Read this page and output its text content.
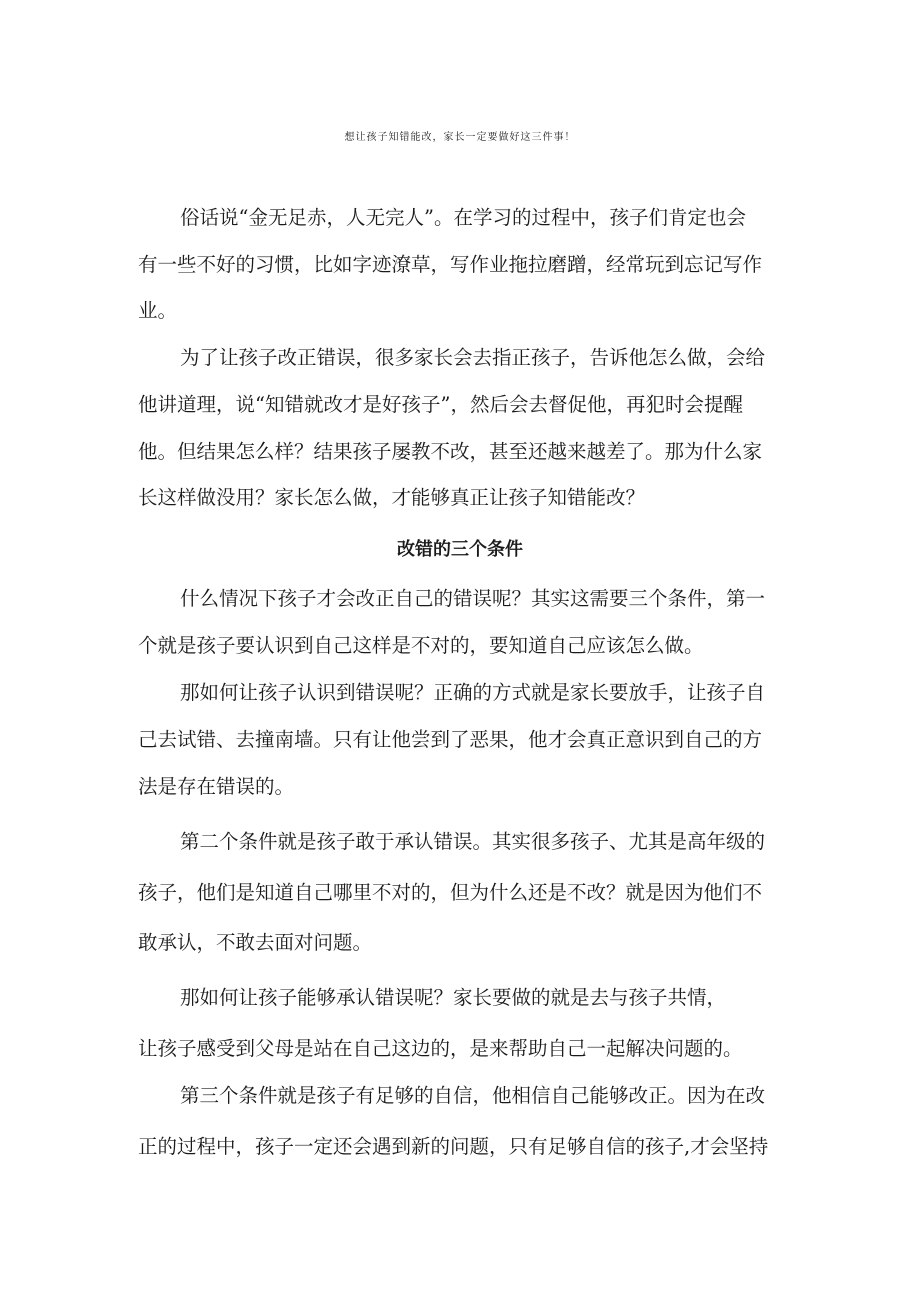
想让孩子知错能改，家长一定要做好这三件事！
俗话说“金无足赤，人无完人”。在学习的过程中，孩子们肯定也会
有一些不好的习惯，比如字迹潦草，写作业拖拉磨蹭，经常玩到忘记写作
业。
为了让孩子改正错误，很多家长会去指正孩子，告诉他怎么做，会给
他讲道理，说“知错就改才是好孩子”，然后会去督促他，再犯时会提醒
他。但结果怎么样？结果孩子屡教不改，甚至还越来越差了。那为什么家
长这样做没用？家长怎么做，才能够真正让孩子知错能改？
改错的三个条件
什么情况下孩子才会改正自己的错误呢？其实这需要三个条件，第一
个就是孩子要认识到自己这样是不对的，要知道自己应该怎么做。
那如何让孩子认识到错误呢？正确的方式就是家长要放手，让孩子自
己去试错、去撞南墙。只有让他尝到了恶果，他才会真正意识到自己的方
法是存在错误的。
第二个条件就是孩子敢于承认错误。其实很多孩子、尤其是高年级的
孩子，他们是知道自己哪里不对的，但为什么还是不改？就是因为他们不
敢承认，不敢去面对问题。
那如何让孩子能够承认错误呢？家长要做的就是去与孩子共情，
让孩子感受到父母是站在自己这边的，是来帮助自己一起解决问题的。
第三个条件就是孩子有足够的自信，他相信自己能够改正。因为在改
正的过程中，孩子一定还会遇到新的问题，只有足够自信的孩子,才会坚持
